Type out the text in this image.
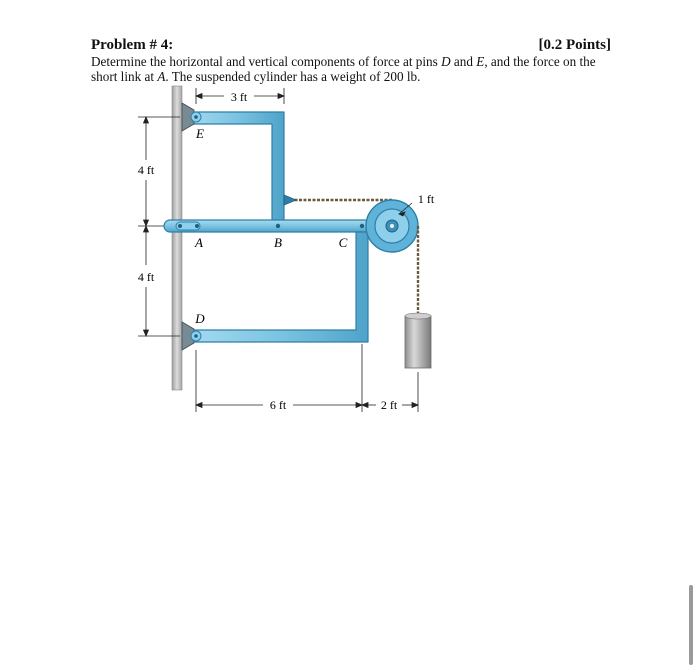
Problem # 4:	[0.2 Points]
Determine the horizontal and vertical components of force at pins D and E, and the force on the short link at A. The suspended cylinder has a weight of 200 lb.
3 ft
4 ft
4 ft
1 ft
E
A	B	C
D
6 ft	2 ft
